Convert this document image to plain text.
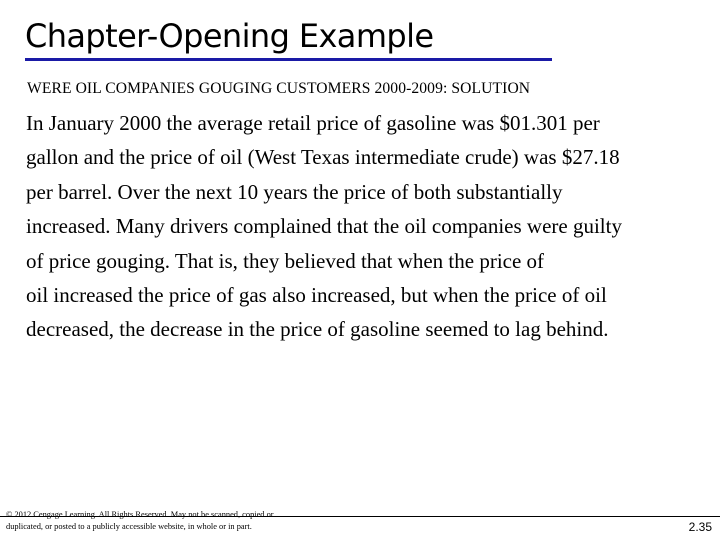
Chapter-Opening Example
WERE OIL COMPANIES GOUGING CUSTOMERS 2000-2009: SOLUTION
In January 2000 the average retail price of gasoline was $01.301 per
gallon and the price of oil (West Texas intermediate crude) was $27.18
per barrel. Over the next 10 years the price of both substantially
increased. Many drivers complained that the oil companies were guilty
of price gouging. That is, they believed that when the price of
oil increased the price of gas also increased, but when the price of oil
decreased, the decrease in the price of gasoline seemed to lag behind.
© 2012 Cengage Learning. All Rights Reserved. May not be scanned, copied or
duplicated, or posted to a publicly accessible website, in whole or in part.	2.35
